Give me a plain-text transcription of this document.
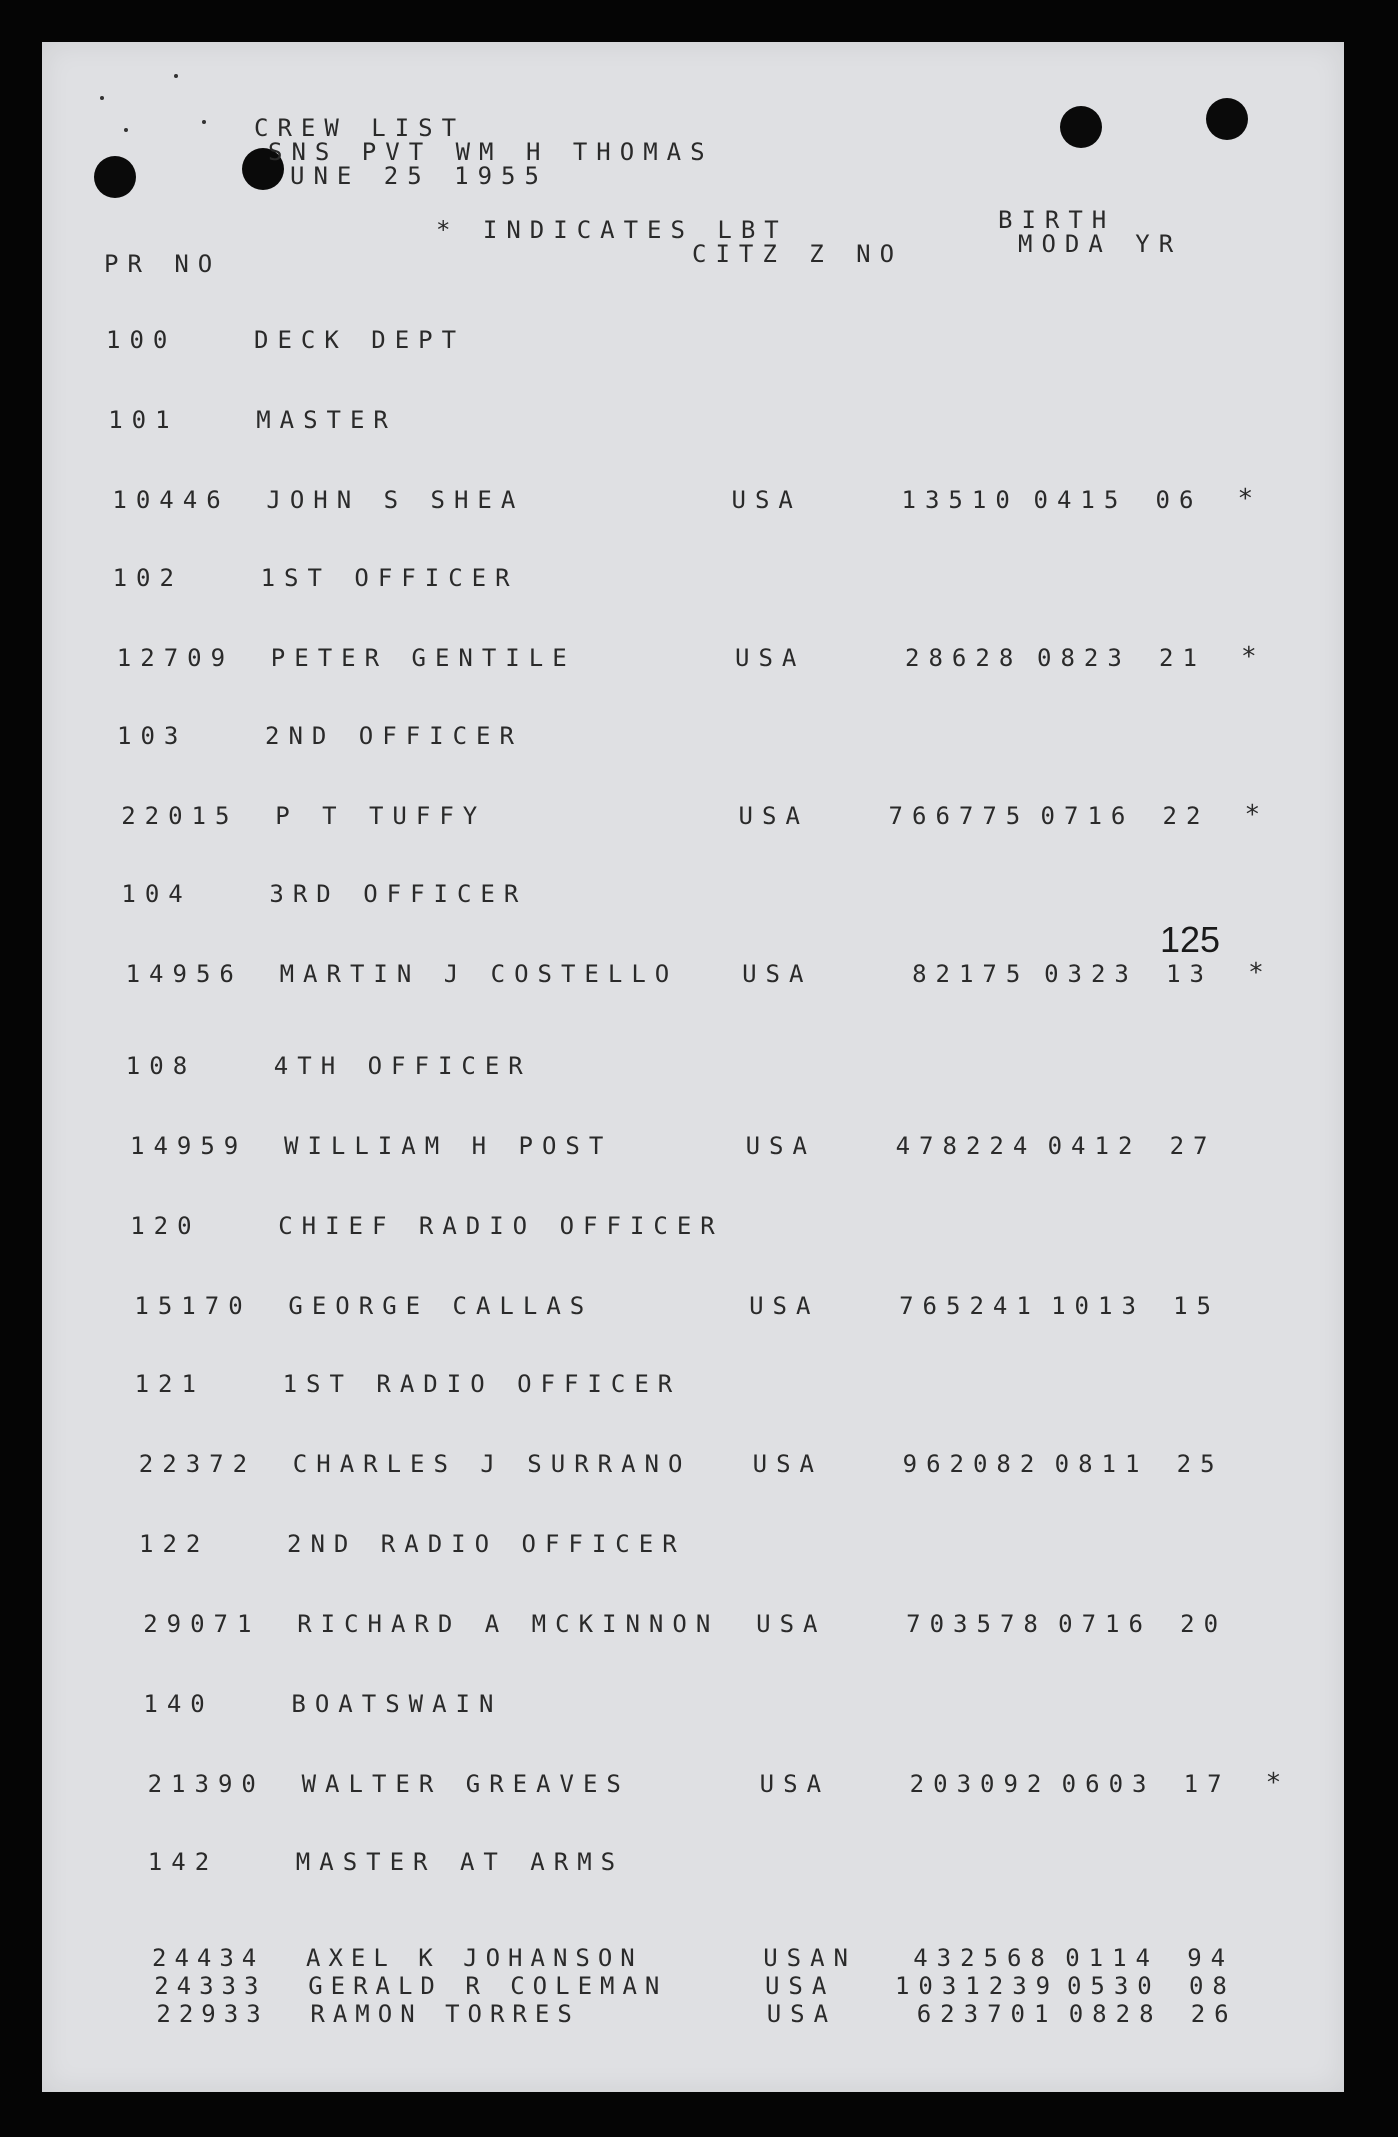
CREW LIST
SNS PVT WM H THOMAS
UNE 25 1955
* INDICATES LBT
CITZ Z NO
BIRTH
MODA YR
PR NO
125
100	DECK DEPT
101	MASTER
10446 JOHN S SHEA	USA	13510 0415 06 *
102	1ST OFFICER
12709 PETER GENTILE	USA	28628 0823 21 *
103	2ND OFFICER
22015 P T TUFFY	USA	766775 0716 22 *
104	3RD OFFICER
14956 MARTIN J COSTELLO	USA	82175 0323 13 *
108	4TH OFFICER
14959 WILLIAM H POST	USA	478224 0412 27
120	CHIEF RADIO OFFICER
15170 GEORGE CALLAS	USA	765241 1013 15
121	1ST RADIO OFFICER
22372 CHARLES J SURRANO	USA	962082 0811 25
122	2ND RADIO OFFICER
29071 RICHARD A MCKINNON USA	703578 0716 20
140	BOATSWAIN
21390 WALTER GREAVES	USA	203092 0603 17 *
142	MASTER AT ARMS
24434 AXEL K JOHANSON	USAN 432568 0114 94
24333 GERALD R COLEMAN	USA 1031239 0530 08
22933 RAMON TORRES	USA	623701 0828 26
